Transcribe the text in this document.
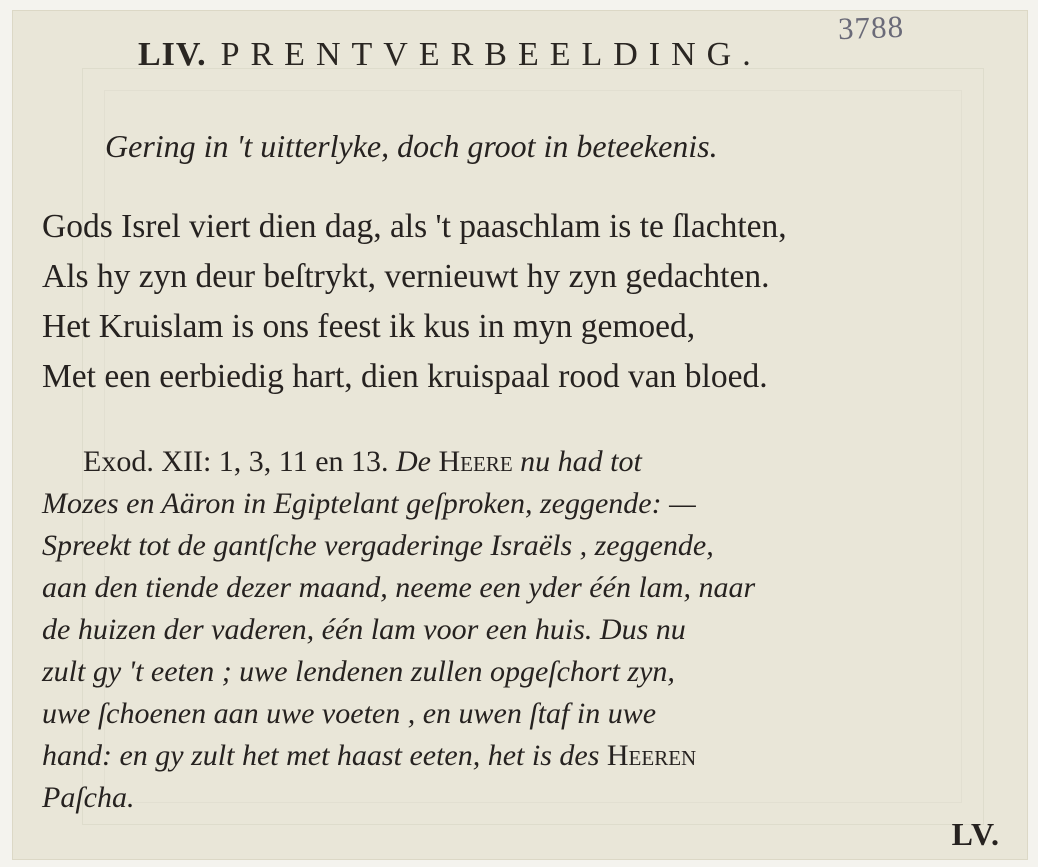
3788
LIV. PRENTVERBEELDING.

Gering in 't uitterlyke, doch groot in beteekenis.

Gods Isrel viert dien dag, als 't paaschlam is te ſlachten,

Als hy zyn deur beſtrykt, vernieuwt hy zyn gedachten.

Het Kruislam is ons feest ik kus in myn gemoed,

Met een eerbiedig hart, dien kruispaal rood van bloed.

Exod. XII: 1, 3, 11 en 13. De Heere nu had tot

Mozes en Aäron in Egiptelant geſproken, zeggende: —

Spreekt tot de gantſche vergaderinge Israëls , zeggende,

aan den tiende dezer maand, neeme een yder één lam, naar

de huizen der vaderen, één lam voor een huis. Dus nu

zult gy 't eeten ; uwe lendenen zullen opgeſchort zyn,

uwe ſchoenen aan uwe voeten , en uwen ſtaf in uwe

hand: en gy zult het met haast eeten, het is des Heeren

Paſcha.

LV.
